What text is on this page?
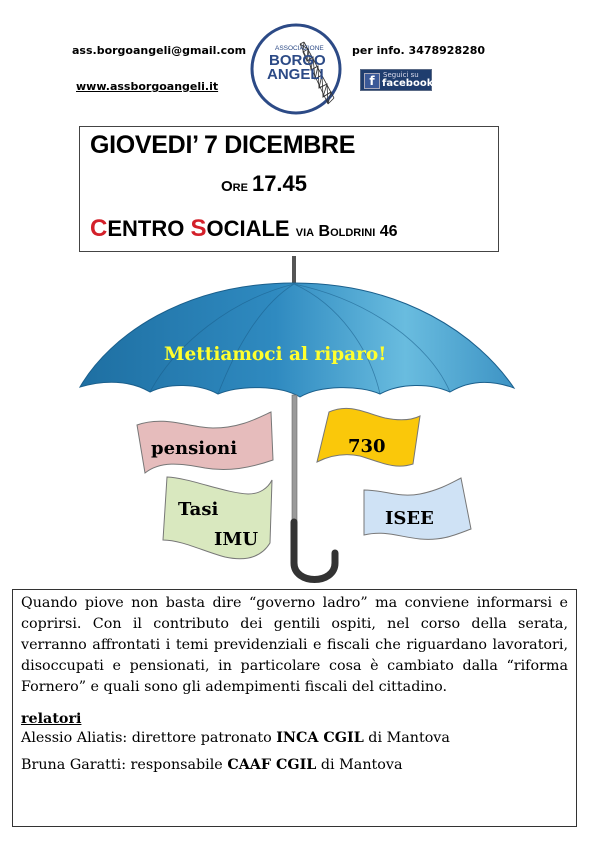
ass.borgoangeli@gmail.com
www.assborgoangeli.it
per info. 3478928280
ASSOCIAZIONE
BORGO
ANGELI	f	Seguici su
facebook.
GIOVEDI’ 7 DICEMBRE
Ore 17.45
CENTRO SOCIALE via Boldrini 46
Mettiamoci al riparo!
pensioni	730
Tasi
IMU
ISEE
Quando piove non basta dire “governo ladro” ma conviene informarsi e coprirsi. Con il contributo dei gentili ospiti, nel corso della serata, verranno affrontati i temi previdenziali e fiscali che riguardano lavoratori, disoccupati e pensionati, in particolare cosa è cambiato dalla “riforma Fornero” e quali sono gli adempimenti fiscali del cittadino.
relatori
Alessio Aliatis: direttore patronato INCA CGIL di Mantova
Bruna Garatti: responsabile CAAF CGIL di Mantova
